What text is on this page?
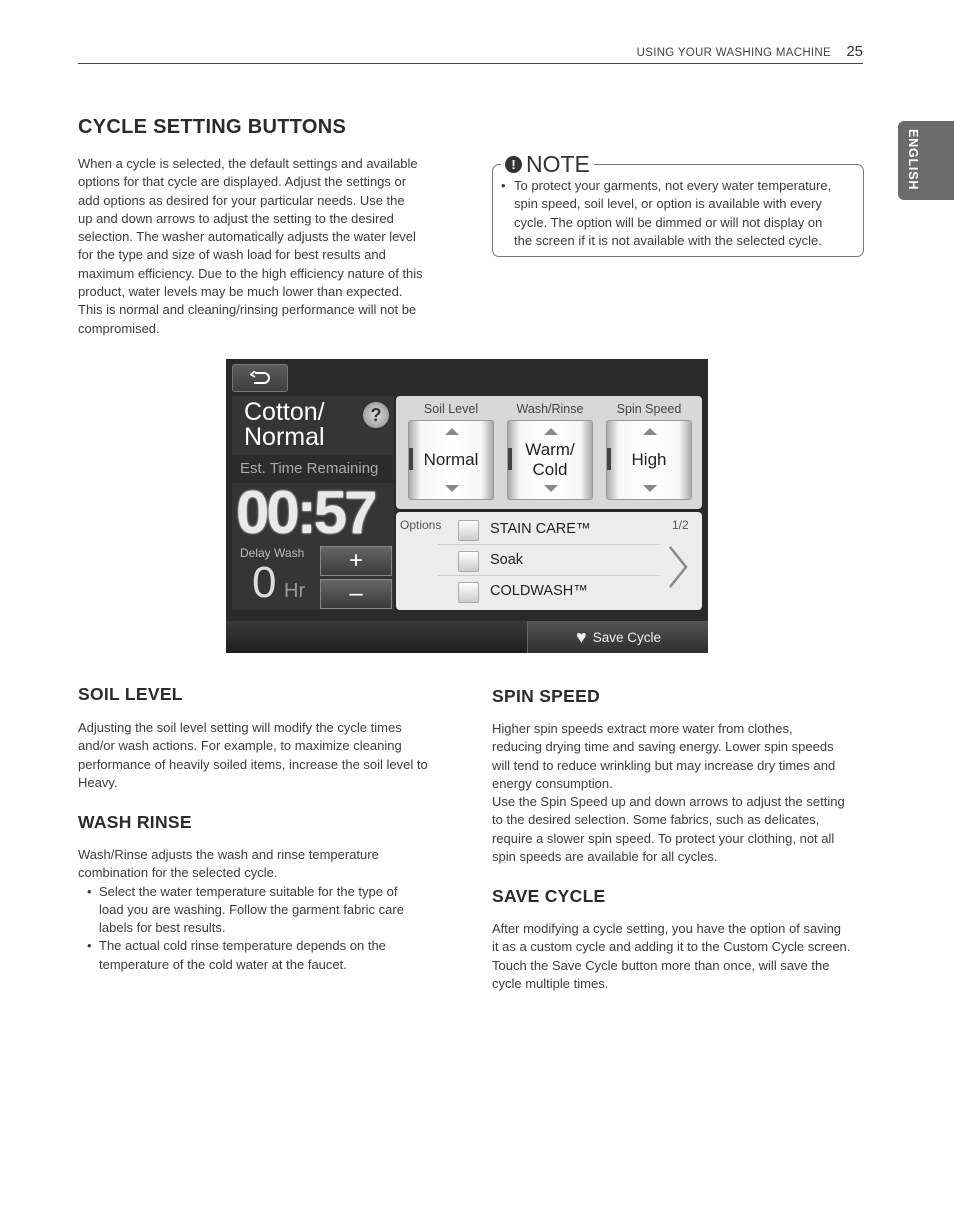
USING YOUR WASHING MACHINE 25
ENGLISH
CYCLE SETTING BUTTONS
When a cycle is selected, the default settings and available
options for that cycle are displayed. Adjust the settings or
add options as desired for your particular needs. Use the
up and down arrows to adjust the setting to the desired
selection. The washer automatically adjusts the water level
for the type and size of wash load for best results and
maximum efficiency. Due to the high efficiency nature of this
product, water levels may be much lower than expected.
This is normal and cleaning/rinsing performance will not be
compromised.
! NOTE
• To protect your garments, not every water temperature,
spin speed, soil level, or option is available with every
cycle. The option will be dimmed or will not display on
the screen if it is not available with the selected cycle.
Cotton/
Normal
?
Est. Time Remaining
00:57
Delay Wash
0 Hr
+
–
Soil Level	Wash/Rinse	Spin Speed
Normal
Warm/
Cold
High
Options	1/2
STAIN CARE™
Soak
COLDWASH™
♥ Save Cycle
SOIL LEVEL
Adjusting the soil level setting will modify the cycle times
and/or wash actions. For example, to maximize cleaning
performance of heavily soiled items, increase the soil level to
Heavy.
WASH RINSE
Wash/Rinse adjusts the wash and rinse temperature
combination for the selected cycle.
• Select the water temperature suitable for the type of
load you are washing. Follow the garment fabric care
labels for best results.
• The actual cold rinse temperature depends on the
temperature of the cold water at the faucet.
SPIN SPEED
Higher spin speeds extract more water from clothes,
reducing drying time and saving energy. Lower spin speeds
will tend to reduce wrinkling but may increase dry times and
energy consumption.
Use the Spin Speed up and down arrows to adjust the setting
to the desired selection. Some fabrics, such as delicates,
require a slower spin speed. To protect your clothing, not all
spin speeds are available for all cycles.
SAVE CYCLE
After modifying a cycle setting, you have the option of saving
it as a custom cycle and adding it to the Custom Cycle screen.
Touch the Save Cycle button more than once, will save the
cycle multiple times.
